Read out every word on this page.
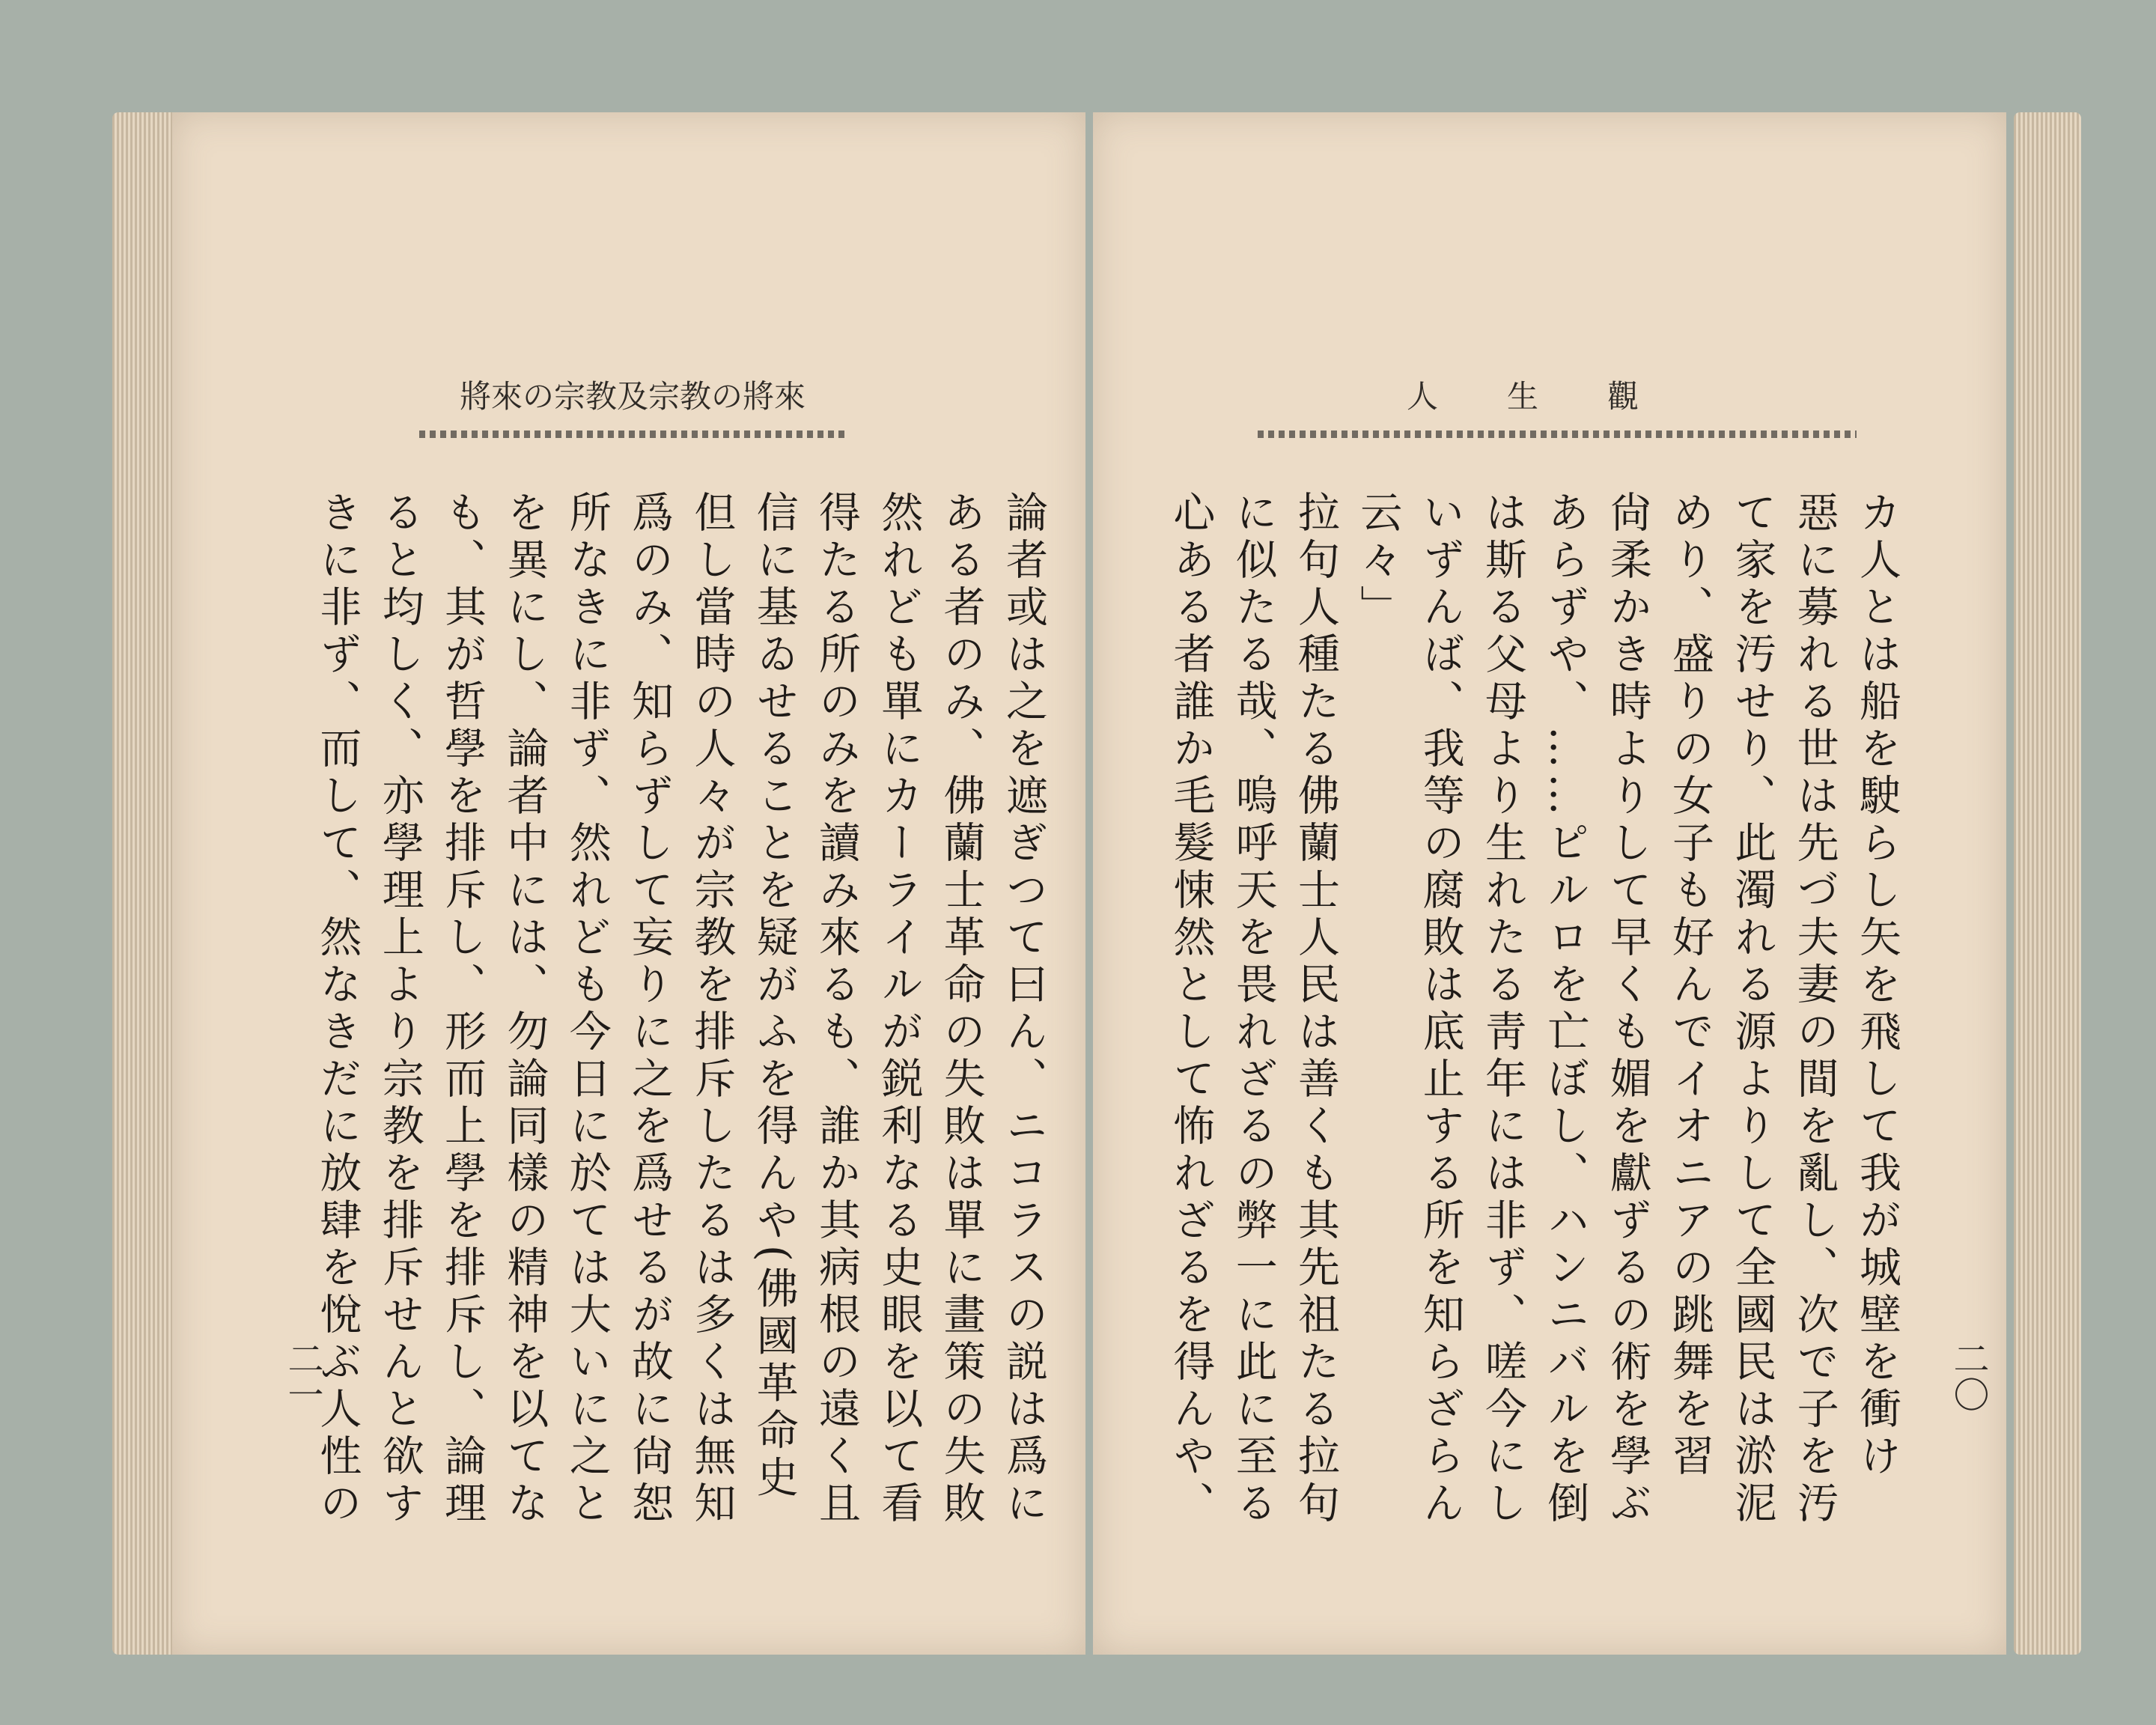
將來の宗教及宗教の將來
論者或は之を遮ぎつて曰ん、ニコラスの説は爲に
ある者のみ、佛蘭士革命の失敗は單に畫策の失敗
然れども單にカーライルが鋭利なる史眼を以て看
得たる所のみを讀み來るも、誰か其病根の遠く且
信に基ゐせることを疑がふを得んや(佛國革命史
但し當時の人々が宗教を排斥したるは多くは無知
爲のみ、知らずして妄りに之を爲せるが故に尙恕
所なきに非ず、然れども今日に於ては大いに之と
を異にし、論者中には、勿論同樣の精神を以てな
も、其が哲學を排斥し、形而上學を排斥し、論理
ると均しく、亦學理上より宗教を排斥せんと欲す
きに非ず、而して、然なきだに放肆を悅ぶ人性の
二一
人生觀
カ人とは船を駛らし矢を飛して我が城壁を衝け
惡に募れる世は先づ夫妻の間を亂し、次で子を汚
て家を汚せり、此濁れる源よりして全國民は淤泥
めり、盛りの女子も好んでイオニアの跳舞を習
尙柔かき時よりして早くも媚を獻ずるの術を學ぶ
あらずや、……ピルロを亡ぼし、ハンニバルを倒
は斯る父母より生れたる靑年には非ず、嗟今にし
いずんば、我等の腐敗は底止する所を知らざらん
云々」
拉句人種たる佛蘭士人民は善くも其先祖たる拉句
に似たる哉、嗚呼天を畏れざるの弊一に此に至る
心ある者誰か毛髮悚然として怖れざるを得んや、	二〇
